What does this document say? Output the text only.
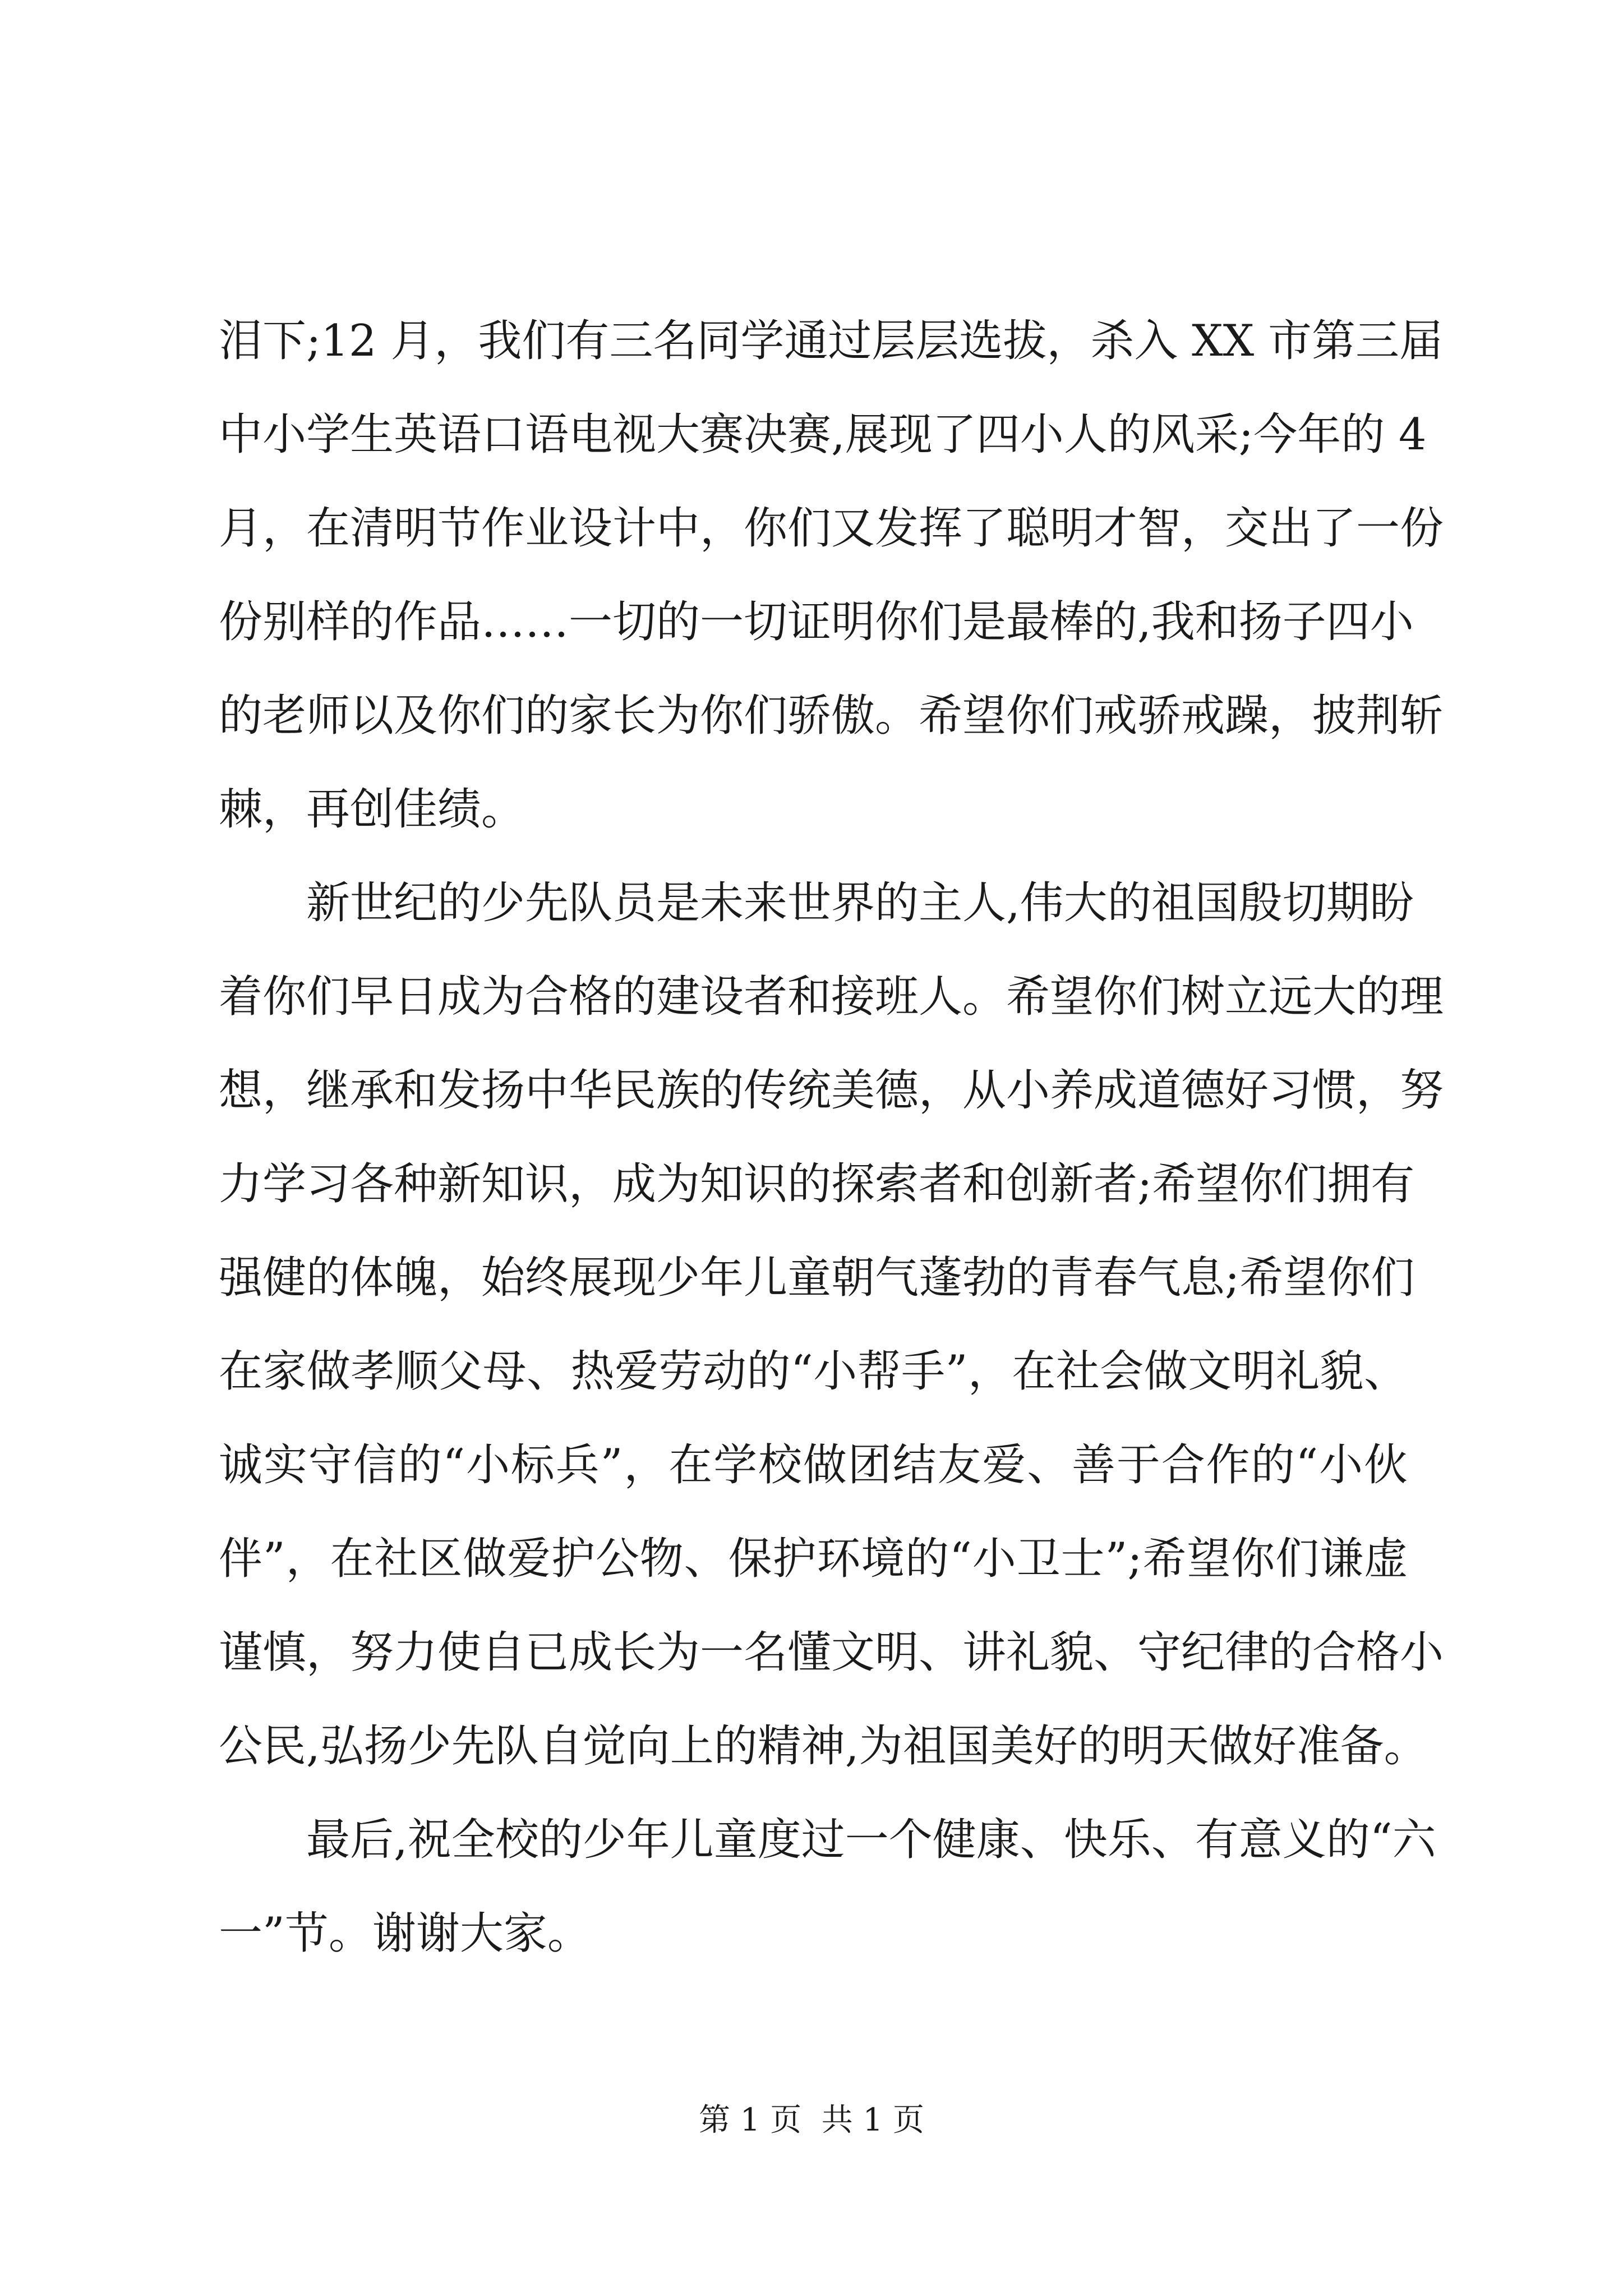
泪下;12 月，我们有三名同学通过层层选拔，杀入 XX 市第三届
中小学生英语口语电视大赛决赛,展现了四小人的风采;今年的 4
月，在清明节作业设计中，你们又发挥了聪明才智，交出了一份
份别样的作品……一切的一切证明你们是最棒的,我和扬子四小
的老师以及你们的家长为你们骄傲。希望你们戒骄戒躁，披荆斩
棘，再创佳绩。
新世纪的少先队员是未来世界的主人,伟大的祖国殷切期盼
着你们早日成为合格的建设者和接班人。希望你们树立远大的理
想，继承和发扬中华民族的传统美德，从小养成道德好习惯，努
力学习各种新知识，成为知识的探索者和创新者;希望你们拥有
强健的体魄，始终展现少年儿童朝气蓬勃的青春气息;希望你们
在家做孝顺父母、热爱劳动的“小帮手”，在社会做文明礼貌、
诚实守信的“小标兵”，在学校做团结友爱、善于合作的“小伙
伴”，在社区做爱护公物、保护环境的“小卫士”;希望你们谦虚
谨慎，努力使自已成长为一名懂文明、讲礼貌、守纪律的合格小
公民,弘扬少先队自觉向上的精神,为祖国美好的明天做好准备。
最后,祝全校的少年儿童度过一个健康、快乐、有意义的“六
一”节。谢谢大家。
第 1 页  共 1 页
